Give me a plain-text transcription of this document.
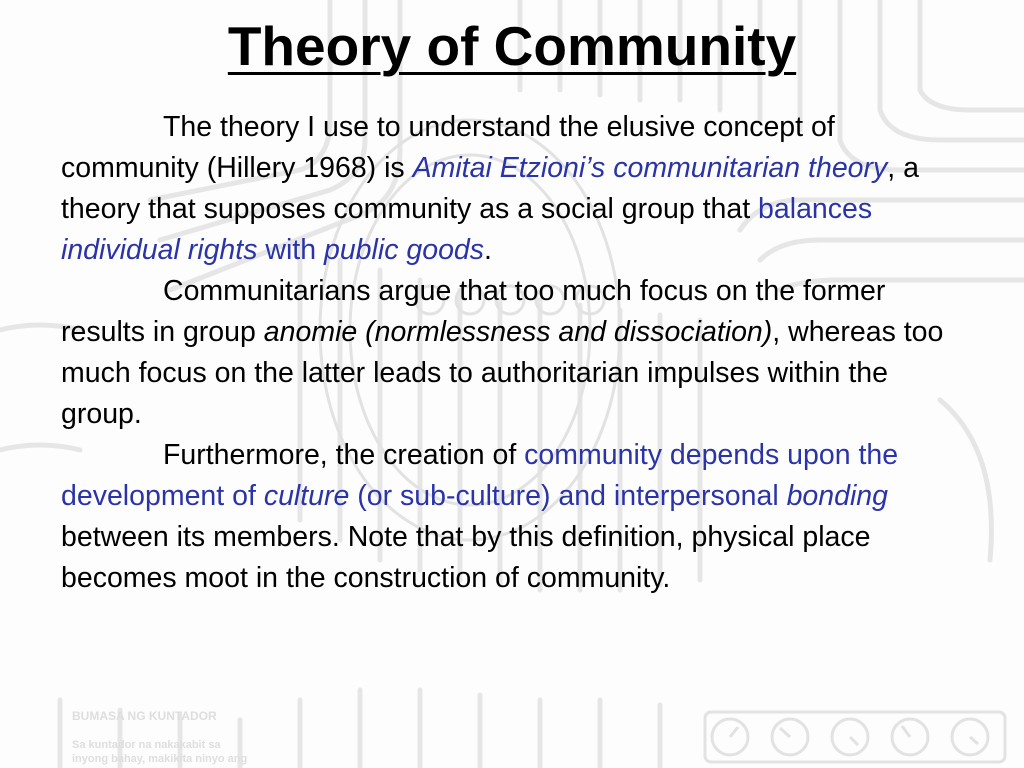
BUMASA NG KUNTADOR
Sa kuntador na nakakabit sa
inyong bahay, makikita ninyo ang
Theory of Community

The theory I use to understand the elusive concept of community (Hillery 1968) is Amitai Etzioni’s communitarian theory, a theory that supposes community as a social group that balances individual rights with public goods.

Communitarians argue that too much focus on the former results in group anomie (normlessness and dissociation), whereas too much focus on the latter leads to authoritarian impulses within the group.

Furthermore, the creation of community depends upon the development of culture (or sub-culture) and interpersonal bonding between its members. Note that by this definition, physical place becomes moot in the construction of community.
